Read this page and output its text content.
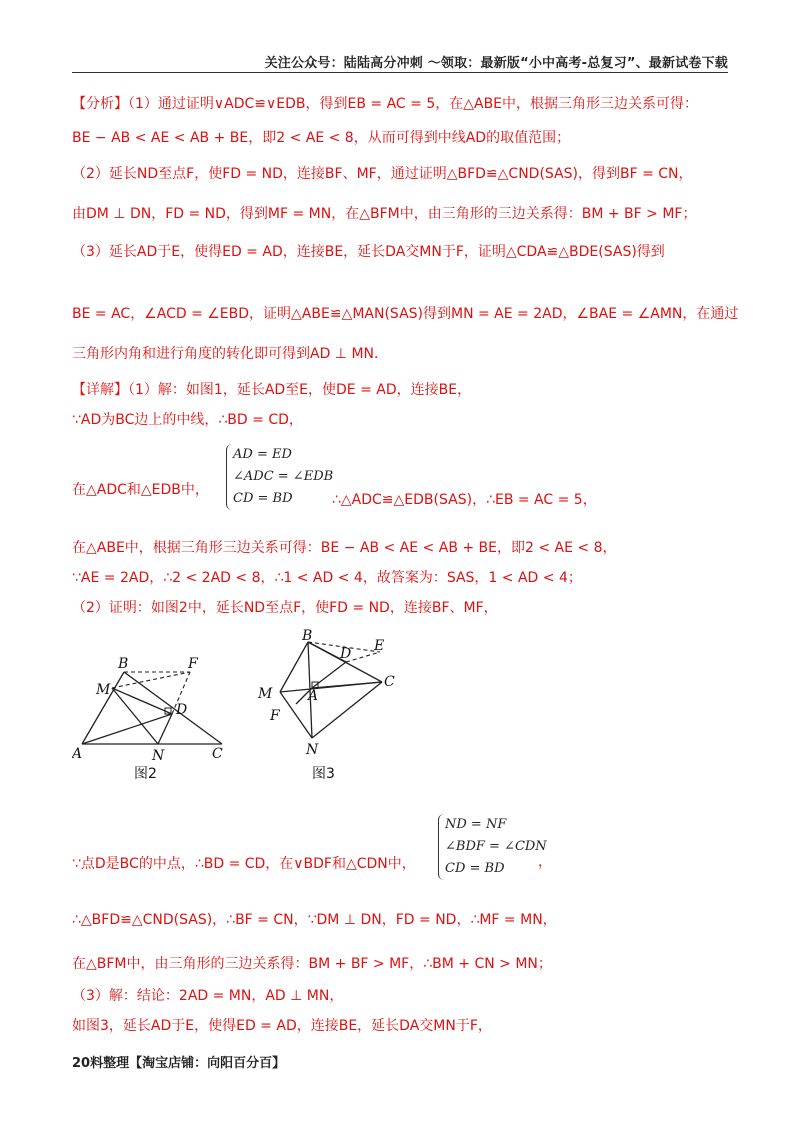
关注公众号：陆陆高分冲刺 ～领取：最新版“小中高考-总复习”、最新试卷下载
【分析】（1）通过证明∨ADC≌∨EDB，得到EB = AC = 5，在△ABE中，根据三角形三边关系可得：
BE − AB < AE < AB + BE，即2 < AE < 8，从而可得到中线AD的取值范围；
（2）延长ND至点F，使FD = ND，连接BF、MF，通过证明△BFD≌△CND(SAS)，得到BF = CN，
由DM ⊥ DN，FD = ND，得到MF = MN，在△BFM中，由三角形的三边关系得：BM + BF > MF；
（3）延长AD于E，使得ED = AD，连接BE，延长DA交MN于F，证明△CDA≌△BDE(SAS)得到
BE = AC，∠ACD = ∠EBD，证明△ABE≌△MAN(SAS)得到MN = AE = 2AD，∠BAE = ∠AMN，在通过
三角形内角和进行角度的转化即可得到AD ⊥ MN．
【详解】（1）解：如图1，延长AD至E，使DE = AD，连接BE，
∵AD为BC边上的中线，∴BD = CD，
在△ADC和△EDB中，
AD = ED
∠ADC = ∠EDB
CD = BD	∴△ADC≌△EDB(SAS)，∴EB = AC = 5，
在△ABE中，根据三角形三边关系可得：BE − AB < AE < AB + BE，即2 < AE < 8，
∵AE = 2AD，∴2 < 2AD < 8，∴1 < AD < 4，故答案为：SAS，1 < AD < 4；
（2）证明：如图2中，延长ND至点F，使FD = ND，连接BF、MF，
B	F
M
D
A	N	C
图2
B
E
D
M	A
C
F
N
图3
∵点D是BC的中点，∴BD = CD，在∨BDF和△CDN中，
ND = NF
∠BDF = ∠CDN
CD = BD	，
∴△BFD≌△CND(SAS)，∴BF = CN，∵DM ⊥ DN，FD = ND，∴MF = MN，
在△BFM中，由三角形的三边关系得：BM + BF > MF，∴BM + CN > MN；
（3）解：结论：2AD = MN，AD ⊥ MN，
如图3，延长AD于E，使得ED = AD，连接BE，延长DA交MN于F，
20料整理【淘宝店铺：向阳百分百】
